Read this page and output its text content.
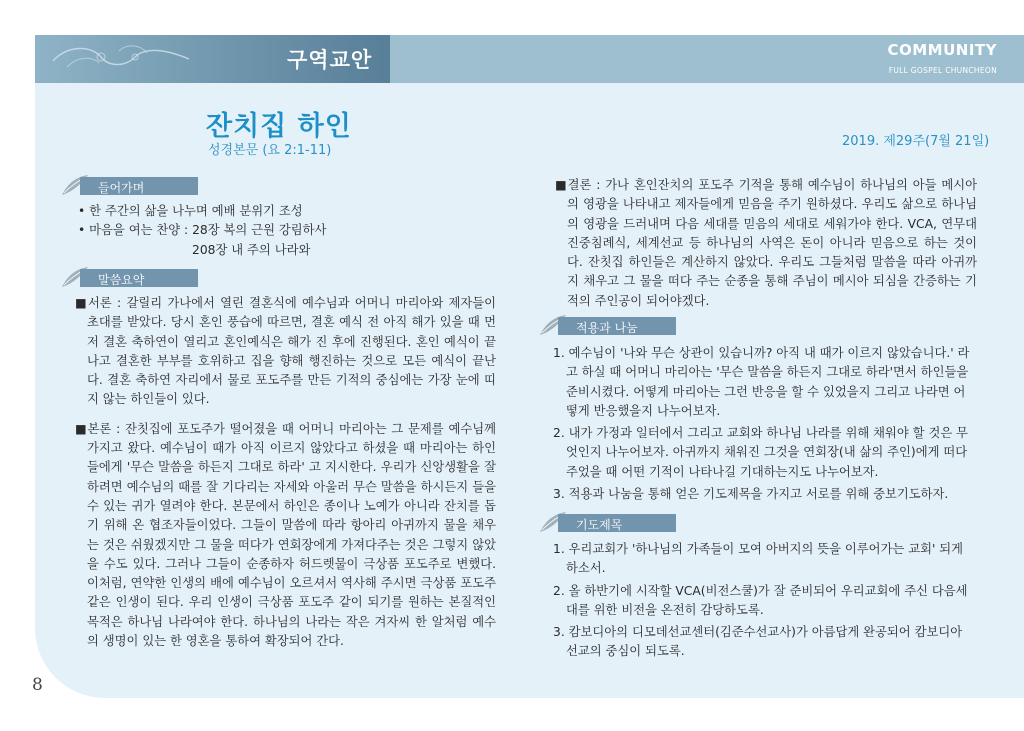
구역교안	COMMUNITY
FULL GOSPEL CHUNCHEON
잔치집 하인
성경본문 (요 2:1-11)
2019. 제29주(7월 21일)
들어가며
• 한 주간의 삶을 나누며 예배 분위기 조성
• 마음을 여는 찬양 : 28장 복의 근원 강림하사
208장 내 주의 나라와
말씀요약

■서론 : 갈릴리 가나에서 열린 결혼식에 예수님과 어머니 마리아와 제자들이 초대를 받았다. 당시 혼인 풍습에 따르면, 결혼 예식 전 아직 해가 있을 때 먼저 결혼 축하연이 열리고 혼인예식은 해가 진 후에 진행된다. 혼인 예식이 끝나고 결혼한 부부를 호위하고 집을 향해 행진하는 것으로 모든 예식이 끝난다. 결혼 축하연 자리에서 물로 포도주를 만든 기적의 중심에는 가장 눈에 띠지 않는 하인들이 있다.

■본론 : 잔칫집에 포도주가 떨어졌을 때 어머니 마리아는 그 문제를 예수님께 가지고 왔다. 예수님이 때가 아직 이르지 않았다고 하셨을 때 마리아는 하인들에게 '무슨 말씀을 하든지 그대로 하라' 고 지시한다. 우리가 신앙생활을 잘 하려면 예수님의 때를 잘 기다리는 자세와 아울러 무슨 말씀을 하시든지 들을 수 있는 귀가 열려야 한다. 본문에서 하인은 종이나 노예가 아니라 잔치를 돕기 위해 온 협조자들이었다. 그들이 말씀에 따라 항아리 아귀까지 물을 채우는 것은 쉬웠겠지만 그 물을 떠다가 연회장에게 가져다주는 것은 그렇지 않았을 수도 있다. 그러나 그들이 순종하자 허드렛물이 극상품 포도주로 변했다. 이처럼, 연약한 인생의 배에 예수님이 오르셔서 역사해 주시면 극상품 포도주 같은 인생이 된다. 우리 인생이 극상품 포도주 같이 되기를 원하는 본질적인 목적은 하나님 나라여야 한다. 하나님의 나라는 작은 겨자씨 한 알처럼 예수의 생명이 있는 한 영혼을 통하여 확장되어 간다.

■결론 : 가나 혼인잔치의 포도주 기적을 통해 예수님이 하나님의 아들 메시아의 영광을 나타내고 제자들에게 믿음을 주기 원하셨다. 우리도 삶으로 하나님의 영광을 드러내며 다음 세대를 믿음의 세대로 세워가야 한다. VCA, 연무대 진중침례식, 세계선교 등 하나님의 사역은 돈이 아니라 믿음으로 하는 것이다. 잔칫집 하인들은 계산하지 않았다. 우리도 그들처럼 말씀을 따라 아귀까지 채우고 그 물을 떠다 주는 순종을 통해 주님이 메시아 되심을 간증하는 기적의 주인공이 되어야겠다.

적용과 나눔
1. 예수님이 '나와 무슨 상관이 있습니까? 아직 내 때가 이르지 않았습니다.' 라고 하실 때 어머니 마리아는 '무슨 말씀을 하든지 그대로 하라'면서 하인들을 준비시켰다. 어떻게 마리아는 그런 반응을 할 수 있었을지 그리고 나라면 어떻게 반응했을지 나누어보자.
2. 내가 가정과 일터에서 그리고 교회와 하나님 나라를 위해 채워야 할 것은 무엇인지 나누어보자. 아귀까지 채워진 그것을 연회장(내 삶의 주인)에게 떠다주었을 때 어떤 기적이 나타나길 기대하는지도 나누어보자.
3. 적용과 나눔을 통해 얻은 기도제목을 가지고 서로를 위해 중보기도하자.
기도제목
1. 우리교회가 '하나님의 가족들이 모여 아버지의 뜻을 이루어가는 교회' 되게 하소서.
2. 올 하반기에 시작할 VCA(비전스쿨)가 잘 준비되어 우리교회에 주신 다음세대를 위한 비전을 온전히 감당하도록.
3. 캄보디아의 디모데선교센터(김준수선교사)가 아름답게 완공되어 캄보디아 선교의 중심이 되도록.
8
